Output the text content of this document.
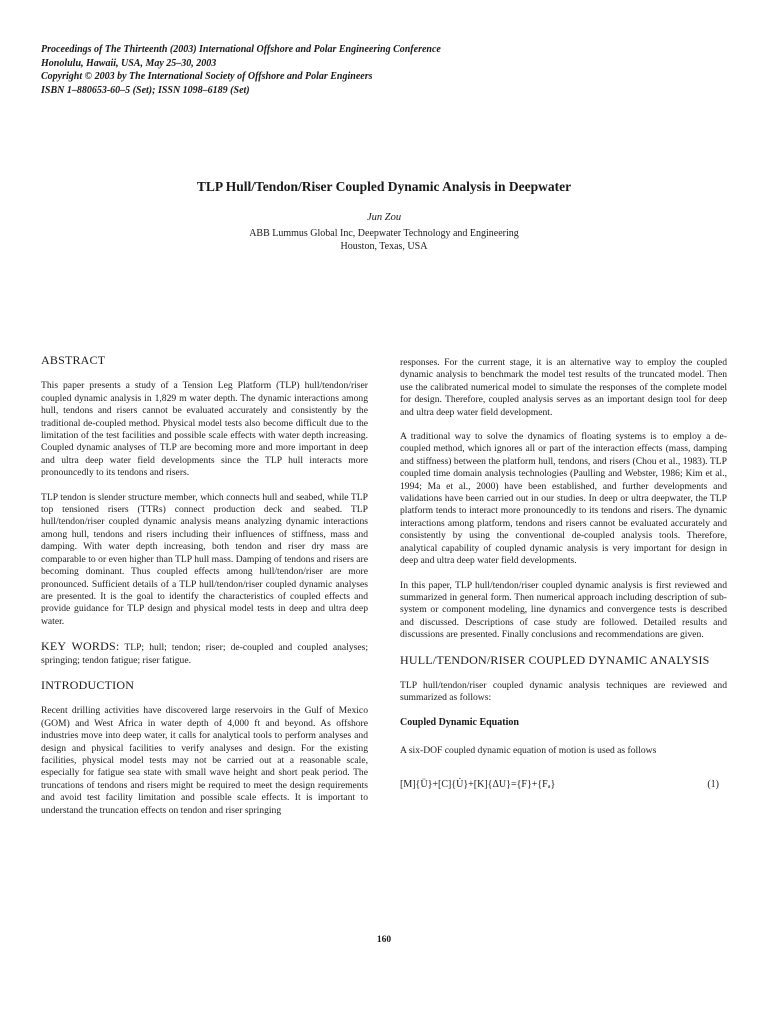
Proceedings of The Thirteenth (2003) International Offshore and Polar Engineering Conference
Honolulu, Hawaii, USA, May 25–30, 2003
Copyright © 2003 by The International Society of Offshore and Polar Engineers
ISBN 1–880653-60–5 (Set); ISSN 1098–6189 (Set)
TLP Hull/Tendon/Riser Coupled Dynamic Analysis in Deepwater
Jun Zou
ABB Lummus Global Inc, Deepwater Technology and Engineering
Houston, Texas, USA
ABSTRACT

This paper presents a study of a Tension Leg Platform (TLP) hull/tendon/riser coupled dynamic analysis in 1,829 m water depth. The dynamic interactions among hull, tendons and risers cannot be evaluated accurately and consistently by the traditional de-coupled method. Physical model tests also become difficult due to the limitation of the test facilities and possible scale effects with water depth increasing. Coupled dynamic analyses of TLP are becoming more and more important in deep and ultra deep water field developments since the TLP hull interacts more pronouncedly to its tendons and risers.

TLP tendon is slender structure member, which connects hull and seabed, while TLP top tensioned risers (TTRs) connect production deck and seabed. TLP hull/tendon/riser coupled dynamic analysis means analyzing dynamic interactions among hull, tendons and risers including their influences of stiffness, mass and damping. With water depth increasing, both tendon and riser dry mass are comparable to or even higher than TLP hull mass. Damping of tendons and risers are becoming dominant. Thus coupled effects among hull/tendon/riser are more pronounced. Sufficient details of a TLP hull/tendon/riser coupled dynamic analyses are presented. It is the goal to identify the characteristics of coupled effects and provide guidance for TLP design and physical model tests in deep and ultra deep water.

KEY WORDS: TLP; hull; tendon; riser; de-coupled and coupled analyses; springing; tendon fatigue; riser fatigue.
INTRODUCTION

Recent drilling activities have discovered large reservoirs in the Gulf of Mexico (GOM) and West Africa in water depth of 4,000 ft and beyond. As offshore industries move into deep water, it calls for analytical tools to perform analyses and design and physical facilities to verify analyses and design. For the existing facilities, physical model tests may not be carried out at a reasonable scale, especially for fatigue sea state with small wave height and short peak period. The truncations of tendons and risers might be required to meet the design requirements and avoid test facility limitation and possible scale effects. It is important to understand the truncation effects on tendon and riser springing

responses. For the current stage, it is an alternative way to employ the coupled dynamic analysis to benchmark the model test results of the truncated model. Then use the calibrated numerical model to simulate the responses of the complete model for design. Therefore, coupled analysis serves as an important design tool for deep and ultra deep water field development.

A traditional way to solve the dynamics of floating systems is to employ a de-coupled method, which ignores all or part of the interaction effects (mass, damping and stiffness) between the platform hull, tendons, and risers (Chou et al., 1983). TLP coupled time domain analysis technologies (Paulling and Webster, 1986; Kim et al., 1994; Ma et al., 2000) have been established, and further developments and validations have been carried out in our studies. In deep or ultra deepwater, the TLP platform tends to interact more pronouncedly to its tendons and risers. The dynamic interactions among platform, tendons and risers cannot be evaluated accurately and consistently by using the conventional de-coupled analysis tools. Therefore, analytical capability of coupled dynamic analysis is very important for design in deep and ultra deep water field developments.

In this paper, TLP hull/tendon/riser coupled dynamic analysis is first reviewed and summarized in general form. Then numerical approach including description of sub-system or component modeling, line dynamics and convergence tests is described and discussed. Descriptions of case study are followed. Detailed results and discussions are presented. Finally conclusions and recommendations are given.

HULL/TENDON/RISER COUPLED DYNAMIC ANALYSIS

TLP hull/tendon/riser coupled dynamic analysis techniques are reviewed and summarized as follows:

Coupled Dynamic Equation

A six-DOF coupled dynamic equation of motion is used as follows

[M]{Ü}+[C]{U̇}+[K]{ΔU}={F}+{Fₐ}	(1)
160
